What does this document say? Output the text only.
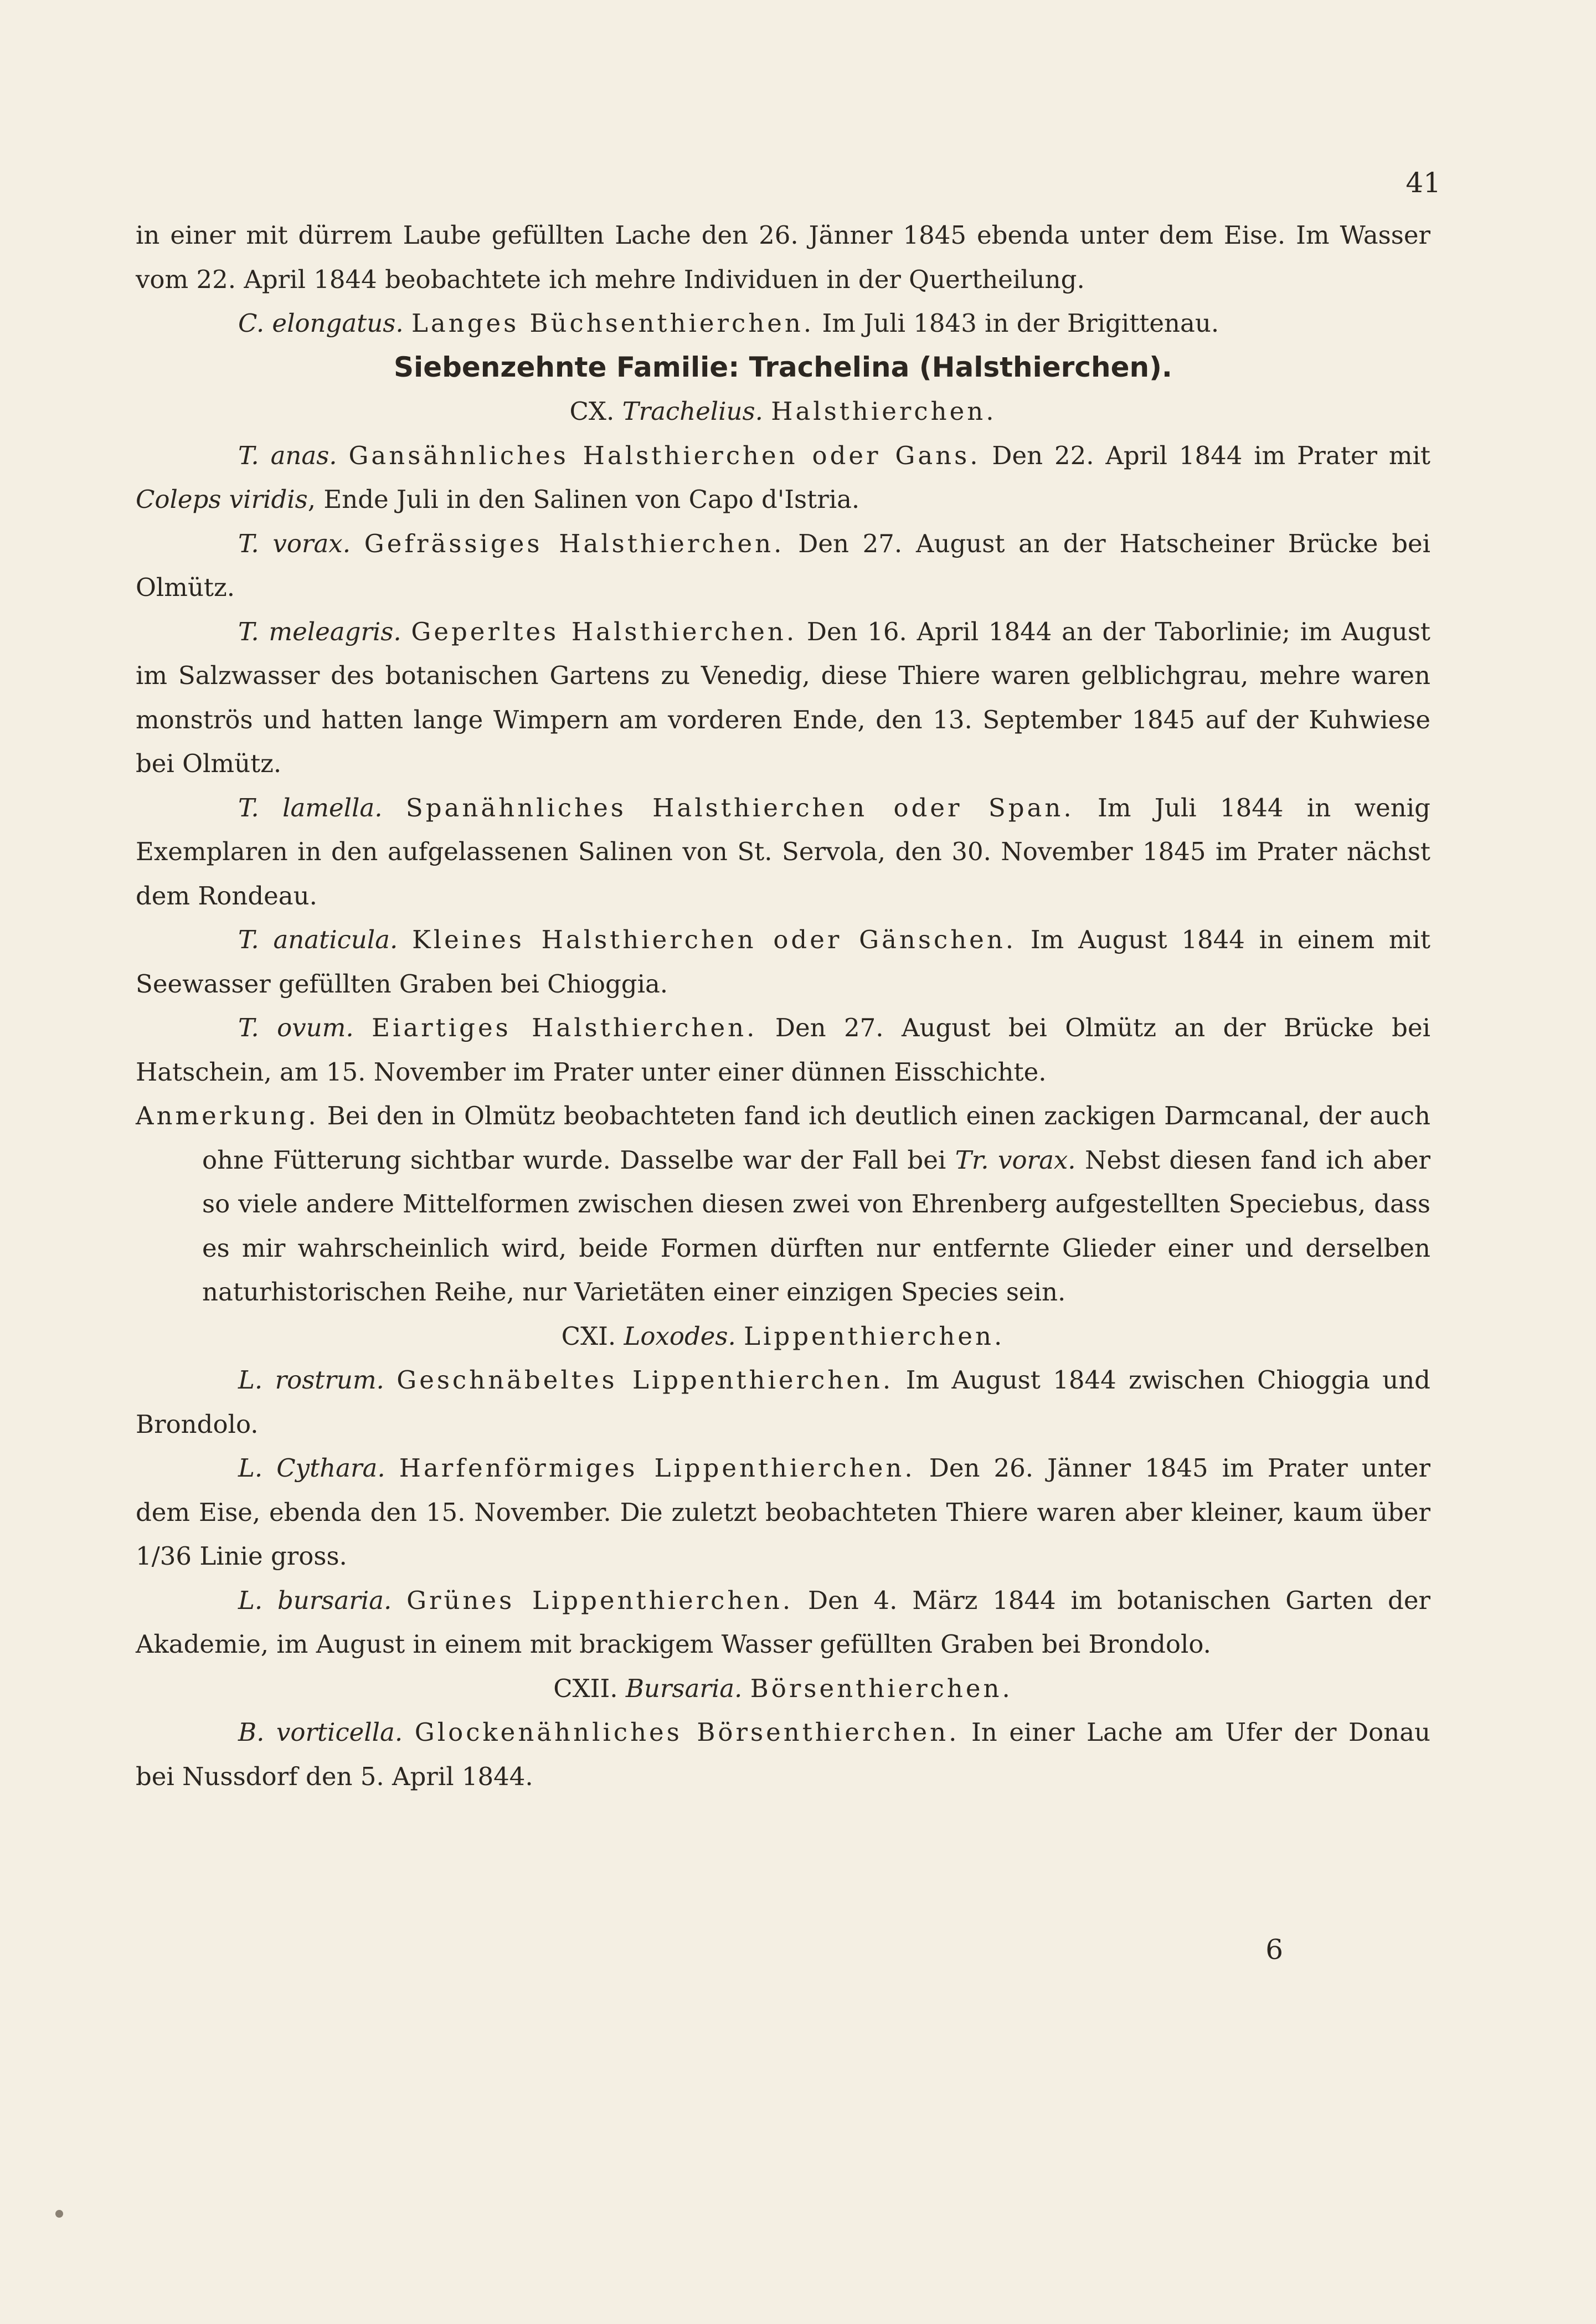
41

in einer mit dürrem Laube gefüllten Lache den 26. Jänner 1845 ebenda unter dem Eise. Im Wasser vom 22. April 1844 beobachtete ich mehre Individuen in der Quertheilung.

C. elongatus. Langes Büchsenthierchen. Im Juli 1843 in der Brigittenau.

Siebenzehnte Familie: Trachelina (Halsthierchen).

CX. Trachelius. Halsthierchen.

T. anas. Gansähnliches Halsthierchen oder Gans. Den 22. April 1844 im Prater mit Coleps viridis, Ende Juli in den Salinen von Capo d'Istria.

T. vorax. Gefrässiges Halsthierchen. Den 27. August an der Hatscheiner Brücke bei Olmütz.

T. meleagris. Geperltes Halsthierchen. Den 16. April 1844 an der Taborlinie; im August im Salzwasser des botanischen Gartens zu Venedig, diese Thiere waren gelblichgrau, mehre waren monströs und hatten lange Wimpern am vorderen Ende, den 13. September 1845 auf der Kuhwiese bei Olmütz.

T. lamella. Spanähnliches Halsthierchen oder Span. Im Juli 1844 in wenig Exemplaren in den aufgelassenen Salinen von St. Servola, den 30. November 1845 im Prater nächst dem Rondeau.

T. anaticula. Kleines Halsthierchen oder Gänschen. Im August 1844 in einem mit Seewasser gefüllten Graben bei Chioggia.

T. ovum. Eiartiges Halsthierchen. Den 27. August bei Olmütz an der Brücke bei Hatschein, am 15. November im Prater unter einer dünnen Eisschichte.

Anmerkung. Bei den in Olmütz beobachteten fand ich deutlich einen zackigen Darmcanal, der auch ohne Fütterung sichtbar wurde. Dasselbe war der Fall bei Tr. vorax. Nebst diesen fand ich aber so viele andere Mittelformen zwischen diesen zwei von Ehrenberg aufgestellten Speciebus, dass es mir wahrscheinlich wird, beide Formen dürften nur entfernte Glieder einer und derselben naturhistorischen Reihe, nur Varietäten einer einzigen Species sein.

CXI. Loxodes. Lippenthierchen.

L. rostrum. Geschnäbeltes Lippenthierchen. Im August 1844 zwischen Chioggia und Brondolo.

L. Cythara. Harfenförmiges Lippenthierchen. Den 26. Jänner 1845 im Prater unter dem Eise, ebenda den 15. November. Die zuletzt beobachteten Thiere waren aber kleiner, kaum über 1/36 Linie gross.

L. bursaria. Grünes Lippenthierchen. Den 4. März 1844 im botanischen Garten der Akademie, im August in einem mit brackigem Wasser gefüllten Graben bei Brondolo.

CXII. Bursaria. Börsenthierchen.

B. vorticella. Glockenähnliches Börsenthierchen. In einer Lache am Ufer der Donau bei Nussdorf den 5. April 1844.

6
